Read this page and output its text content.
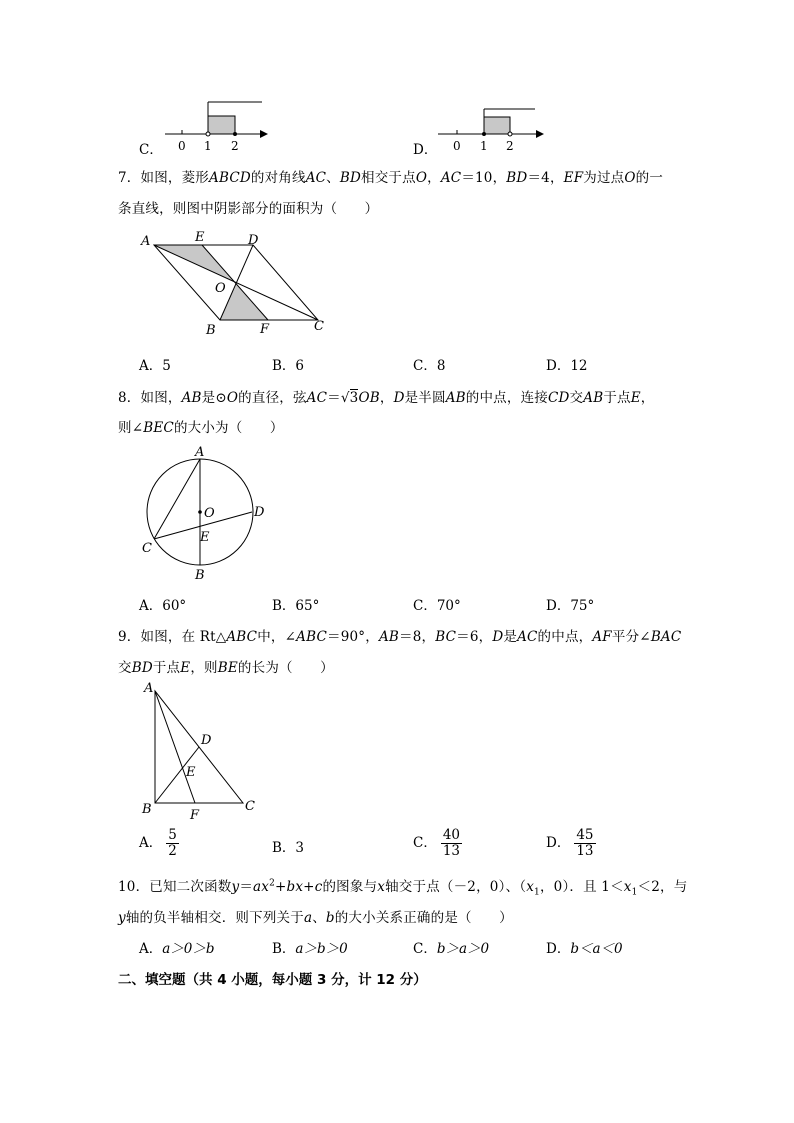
C． 0 1 2	D． 0 1 2
7．如图，菱形ABCD的对角线AC、BD相交于点O，AC＝10，BD＝4，EF为过点O的一
条直线，则图中阴影部分的面积为（　　）
A	E	D
O
B	F	C
A．5	B．6	C．8	D．12
8．如图，AB是⊙O的直径，弦AC＝√3OB，D是半圆AB的中点，连接CD交AB于点E，
则∠BEC的大小为（　　）
A
O	D
C
E
B
A．60°	B．65°	C．70°	D．75°
9．如图，在 Rt△ABC中，∠ABC＝90°，AB＝8，BC＝6，D是AC的中点，AF平分∠BAC
交BD于点E，则BE的长为（　　）
A
D
E
B	F
C
A． $\frac{5}{2}$	B．3	C． $\frac{40}{13}$	D． $\frac{45}{13}$
10．已知二次函数$y=ax^2+bx+c$的图象与x轴交于点（－2，0）、（$x_1$，0）．且 $1<x_1<2$，与
y轴的负半轴相交．则下列关于a、b的大小关系正确的是（　　）
A．a＞0＞b	B．a＞b＞0	C．b＞a＞0	D．b＜a＜0
二、填空题（共 4 小题，每小题 3 分，计 12 分）
